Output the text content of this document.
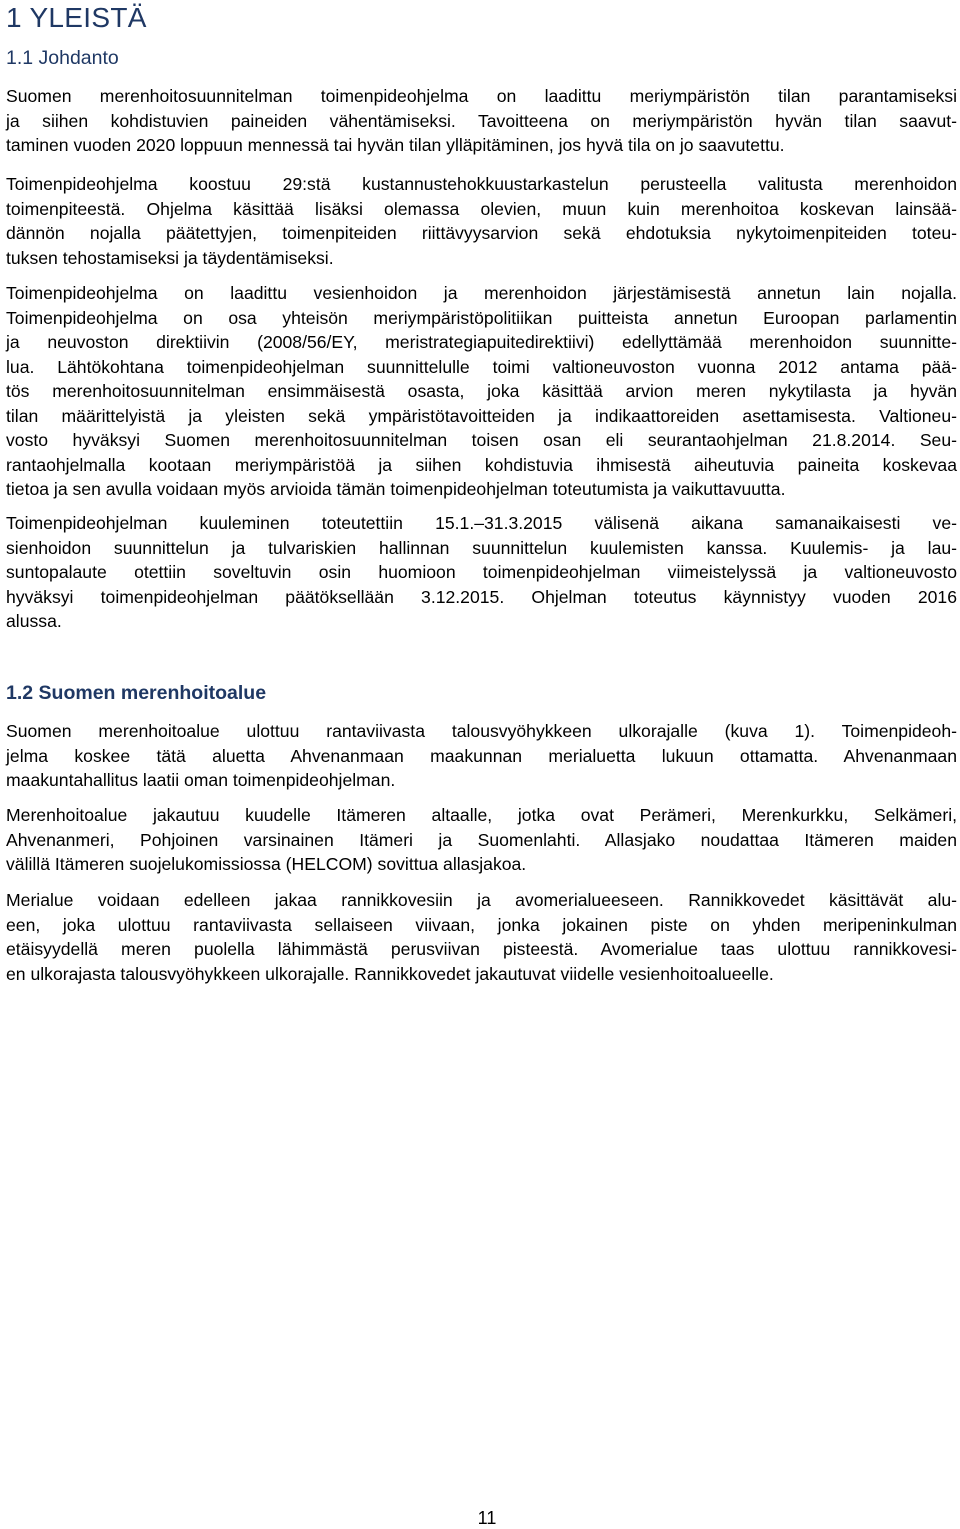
1 YLEISTÄ
1.1 Johdanto

Suomen merenhoitosuunnitelman toimenpideohjelma on laadittu meriympäristön tilan parantamiseksi
ja siihen kohdistuvien paineiden vähentämiseksi. Tavoitteena on meriympäristön hyvän tilan saavut-
taminen vuoden 2020 loppuun mennessä tai hyvän tilan ylläpitäminen, jos hyvä tila on jo saavutettu.

Toimenpideohjelma koostuu 29:stä kustannustehokkuustarkastelun perusteella valitusta merenhoidon
toimenpiteestä. Ohjelma käsittää lisäksi olemassa olevien, muun kuin merenhoitoa koskevan lainsää-
dännön nojalla päätettyjen, toimenpiteiden riittävyysarvion sekä ehdotuksia nykytoimenpiteiden toteu-
tuksen tehostamiseksi ja täydentämiseksi.

Toimenpideohjelma on laadittu vesienhoidon ja merenhoidon järjestämisestä annetun lain nojalla.
Toimenpideohjelma on osa yhteisön meriympäristöpolitiikan puitteista annetun Euroopan parlamentin
ja neuvoston direktiivin (2008/56/EY, meristrategiapuitedirektiivi) edellyttämää merenhoidon suunnitte-
lua. Lähtökohtana toimenpideohjelman suunnittelulle toimi valtioneuvoston vuonna 2012 antama pää-
tös merenhoitosuunnitelman ensimmäisestä osasta, joka käsittää arvion meren nykytilasta ja hyvän
tilan määrittelyistä ja yleisten sekä ympäristötavoitteiden ja indikaattoreiden asettamisesta. Valtioneu-
vosto hyväksyi Suomen merenhoitosuunnitelman toisen osan eli seurantaohjelman 21.8.2014. Seu-
rantaohjelmalla kootaan meriympäristöä ja siihen kohdistuvia ihmisestä aiheutuvia paineita koskevaa
tietoa ja sen avulla voidaan myös arvioida tämän toimenpideohjelman toteutumista ja vaikuttavuutta.

Toimenpideohjelman kuuleminen toteutettiin 15.1.–31.3.2015 välisenä aikana samanaikaisesti ve-
sienhoidon suunnittelun ja tulvariskien hallinnan suunnittelun kuulemisten kanssa. Kuulemis- ja lau-
suntopalaute otettiin soveltuvin osin huomioon toimenpideohjelman viimeistelyssä ja valtioneuvosto
hyväksyi toimenpideohjelman päätöksellään 3.12.2015. Ohjelman toteutus käynnistyy vuoden 2016
alussa.

1.2 Suomen merenhoitoalue

Suomen merenhoitoalue ulottuu rantaviivasta talousvyöhykkeen ulkorajalle (kuva 1). Toimenpideoh-
jelma koskee tätä aluetta Ahvenanmaan maakunnan merialuetta lukuun ottamatta. Ahvenanmaan
maakuntahallitus laatii oman toimenpideohjelman.

Merenhoitoalue jakautuu kuudelle Itämeren altaalle, jotka ovat Perämeri, Merenkurkku, Selkämeri,
Ahvenanmeri, Pohjoinen varsinainen Itämeri ja Suomenlahti. Allasjako noudattaa Itämeren maiden
välillä Itämeren suojelukomissiossa (HELCOM) sovittua allasjakoa.

Merialue voidaan edelleen jakaa rannikkovesiin ja avomerialueeseen. Rannikkovedet käsittävät alu-
een, joka ulottuu rantaviivasta sellaiseen viivaan, jonka jokainen piste on yhden meripeninkulman
etäisyydellä meren puolella lähimmästä perusviivan pisteestä. Avomerialue taas ulottuu rannikkovesi-
en ulkorajasta talousvyöhykkeen ulkorajalle. Rannikkovedet jakautuvat viidelle vesienhoitoalueelle.

11
